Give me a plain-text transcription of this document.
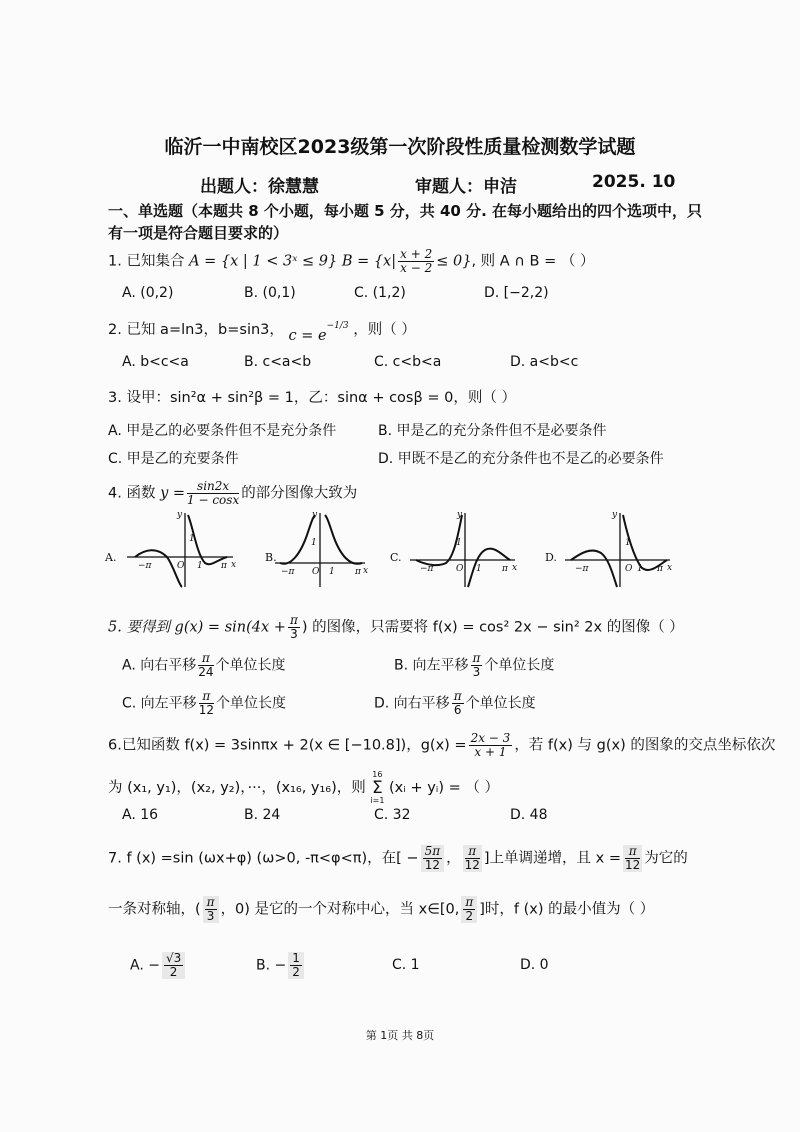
临沂一中南校区2023级第一次阶段性质量检测数学试题
出题人：徐慧慧	审题人：申洁	2025. 10
一、单选题（本题共 8 个小题，每小题 5 分，共 40 分. 在每小题给出的四个选项中，只
有一项是符合题目要求的）
1. 已知集合 A = {x | 1 < 3ˣ ≤ 9} $B = \{x| \frac{x + 2}{x - 2} \le 0\}$, 则 A ∩ B = （ ）
A. (0,2)	B. (0,1)	C. (1,2)	D. [−2,2)
2. 已知 a=ln3，b=sin3， $c = e^{-1/3}$ ，则（ ）
A. b<c<a	B. c<a<b	C. c<b<a	D. a<b<c
3. 设甲：sin²α + sin²β = 1，乙：sinα + cosβ = 0，则（ ）
A. 甲是乙的必要条件但不是充分条件	B. 甲是乙的充分条件但不是必要条件
C. 甲是乙的充要条件	D. 甲既不是乙的充分条件也不是乙的必要条件
4. 函数 $y = \frac{\sin 2x}{1 - \cos x}$ 的部分图像大致为
A.
y
x
−π	π
O
1
1
B.
y
x
−π	π
O
1
1
C.
y
x
−π	π
O
1
1
D.
y
x
−π	π
O
1
1
5. 要得到 $g(x) = \sin(4x + \frac{\pi}{3}$ ) 的图像，只需要将 f(x) = cos² 2x − sin² 2x 的图像（ ）
A. 向右平移 $\frac{\pi}{24}$ 个单位长度	B. 向左平移 $\frac{\pi}{3}$ 个单位长度
C. 向左平移 $\frac{\pi}{12}$ 个单位长度	D. 向右平移 $\frac{\pi}{6}$ 个单位长度
6.已知函数 f(x) = 3sinπx + 2(x ∈ [−10.8])，$g(x) = \frac{2x - 3}{x + 1}$ ，若 f(x) 与 g(x) 的图象的交点坐标依次
为 (x₁, y₁)，(x₂, y₂)，···，(x₁₆, y₁₆)，则
16
Σ
i=1
(xᵢ + yᵢ) = （ ）
A. 16	B. 24	C. 32	D. 48
7. f (x) =sin (ωx+φ) (ω>0, -π<φ<π)，在[ − $\frac{5\pi}{12}$ ， $\frac{\pi}{12}$ ]上单调递增，且 $x = \frac{\pi}{12}$ 为它的
一条对称轴，( $\frac{\pi}{3}$ ，0) 是它的一个对称中心，当 x∈[0, $\frac{\pi}{2}$ ]时，f (x) 的最小值为（ ）
A. − $\frac{√3}{2}$	B. − $\frac{1}{2}$	C. 1	D. 0
第 1页 共 8页
